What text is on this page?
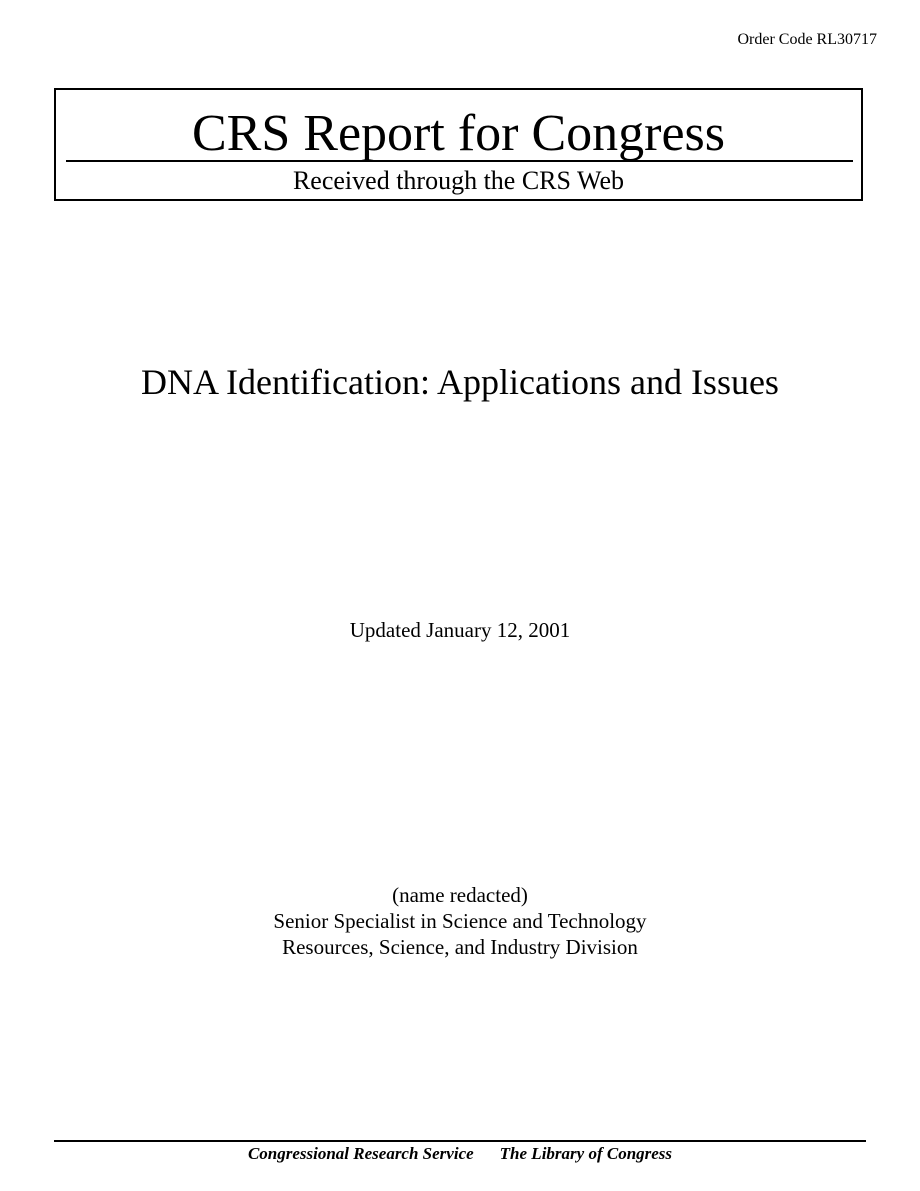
Order Code RL30717
CRS Report for Congress
Received through the CRS Web
DNA Identification: Applications and Issues
Updated January 12, 2001
(name redacted)
Senior Specialist in Science and Technology
Resources, Science, and Industry Division
Congressional Research Service The Library of Congress
